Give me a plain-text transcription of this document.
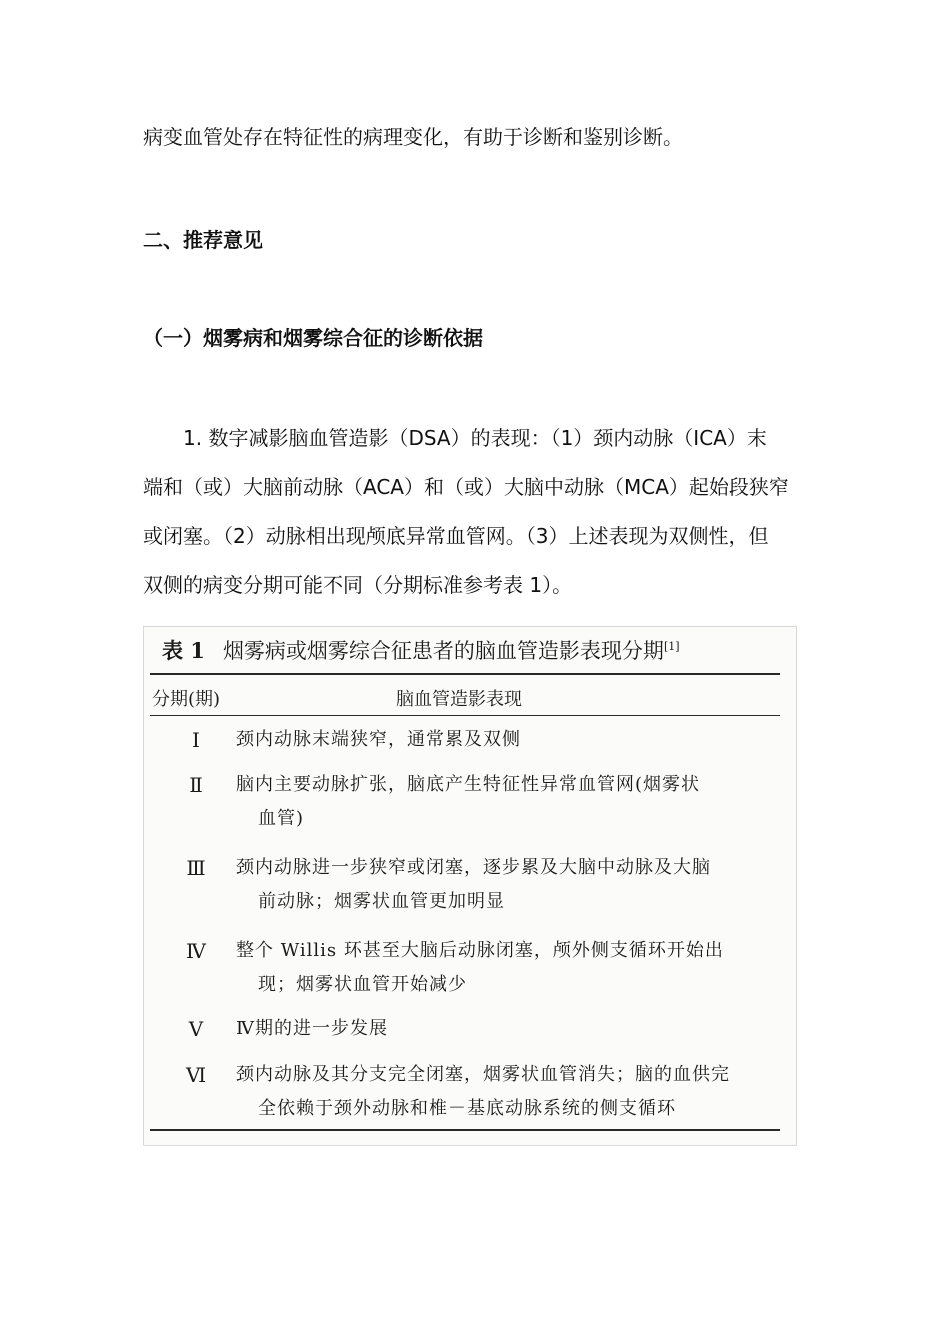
病变血管处存在特征性的病理变化，有助于诊断和鉴别诊断。

二、推荐意见

（一）烟雾病和烟雾综合征的诊断依据

1. 数字减影脑血管造影（DSA）的表现：（1）颈内动脉（ICA）末

端和（或）大脑前动脉（ACA）和（或）大脑中动脉（MCA）起始段狭窄

或闭塞。（2）动脉相出现颅底异常血管网。（3）上述表现为双侧性，但

双侧的病变分期可能不同（分期标准参考表 1）。

表 1 烟雾病或烟雾综合征患者的脑血管造影表现分期[1]
分期(期)	脑血管造影表现
Ⅰ	颈内动脉末端狭窄，通常累及双侧
Ⅱ 脑内主要动脉扩张，脑底产生特征性异常血管网(烟雾状
血管)
Ⅲ 颈内动脉进一步狭窄或闭塞，逐步累及大脑中动脉及大脑
前动脉；烟雾状血管更加明显
Ⅳ 整个 Willis 环甚至大脑后动脉闭塞，颅外侧支循环开始出
现；烟雾状血管开始减少
Ⅴ Ⅳ期的进一步发展
Ⅵ 颈内动脉及其分支完全闭塞，烟雾状血管消失；脑的血供完
全依赖于颈外动脉和椎－基底动脉系统的侧支循环
